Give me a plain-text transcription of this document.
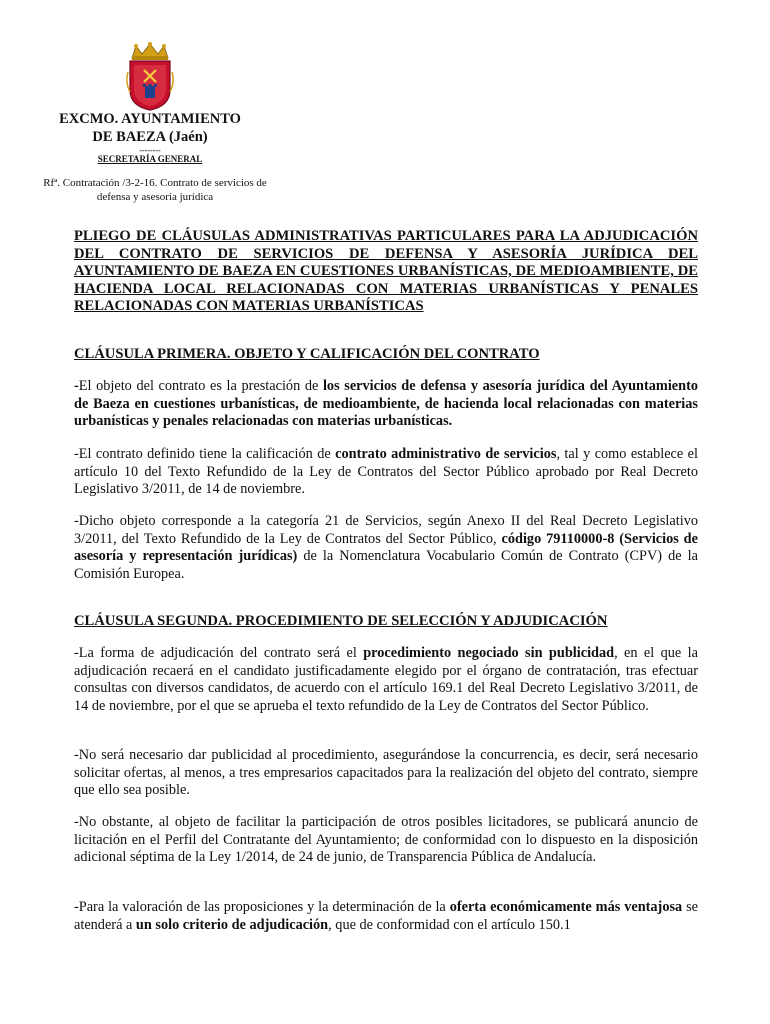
EXCMO. AYUNTAMIENTO
DE BAEZA (Jaén)
--------
SECRETARÍA GENERAL
Rfª. Contratación /3-2-16. Contrato de servicios de
defensa y asesoría jurídica
PLIEGO DE CLÁUSULAS ADMINISTRATIVAS PARTICULARES PARA LA ADJUDICACIÓN DEL CONTRATO DE SERVICIOS DE DEFENSA Y ASESORÍA JURÍDICA DEL AYUNTAMIENTO DE BAEZA EN CUESTIONES URBANÍSTICAS, DE MEDIOAMBIENTE, DE HACIENDA LOCAL RELACIONADAS CON MATERIAS URBANÍSTICAS Y PENALES RELACIONADAS CON MATERIAS URBANÍSTICAS
CLÁUSULA PRIMERA. OBJETO Y CALIFICACIÓN DEL CONTRATO
-El objeto del contrato es la prestación de los servicios de defensa y asesoría jurídica del Ayuntamiento de Baeza en cuestiones urbanísticas, de medioambiente, de hacienda local relacionadas con materias urbanísticas y penales relacionadas con materias urbanísticas.
-El contrato definido tiene la calificación de contrato administrativo de servicios, tal y como establece el artículo 10 del Texto Refundido de la Ley de Contratos del Sector Público aprobado por Real Decreto Legislativo 3/2011, de 14 de noviembre.
-Dicho objeto corresponde a la categoría 21 de Servicios, según Anexo II del Real Decreto Legislativo 3/2011, del Texto Refundido de la Ley de Contratos del Sector Público, código 79110000-8 (Servicios de asesoría y representación jurídicas) de la Nomenclatura Vocabulario Común de Contrato (CPV) de la Comisión Europea.
CLÁUSULA SEGUNDA. PROCEDIMIENTO DE SELECCIÓN Y ADJUDICACIÓN
-La forma de adjudicación del contrato será el procedimiento negociado sin publicidad, en el que la adjudicación recaerá en el candidato justificadamente elegido por el órgano de contratación, tras efectuar consultas con diversos candidatos, de acuerdo con el artículo 169.1 del Real Decreto Legislativo 3/2011, de 14 de noviembre, por el que se aprueba el texto refundido de la Ley de Contratos del Sector Público.
-No será necesario dar publicidad al procedimiento, asegurándose la concurrencia, es decir, será necesario solicitar ofertas, al menos, a tres empresarios capacitados para la realización del objeto del contrato, siempre que ello sea posible.
-No obstante, al objeto de facilitar la participación de otros posibles licitadores, se publicará anuncio de licitación en el Perfil del Contratante del Ayuntamiento; de conformidad con lo dispuesto en la disposición adicional séptima de la Ley 1/2014, de 24 de junio, de Transparencia Pública de Andalucía.
-Para la valoración de las proposiciones y la determinación de la oferta económicamente más ventajosa se atenderá a un solo criterio de adjudicación, que de conformidad con el artículo 150.1
